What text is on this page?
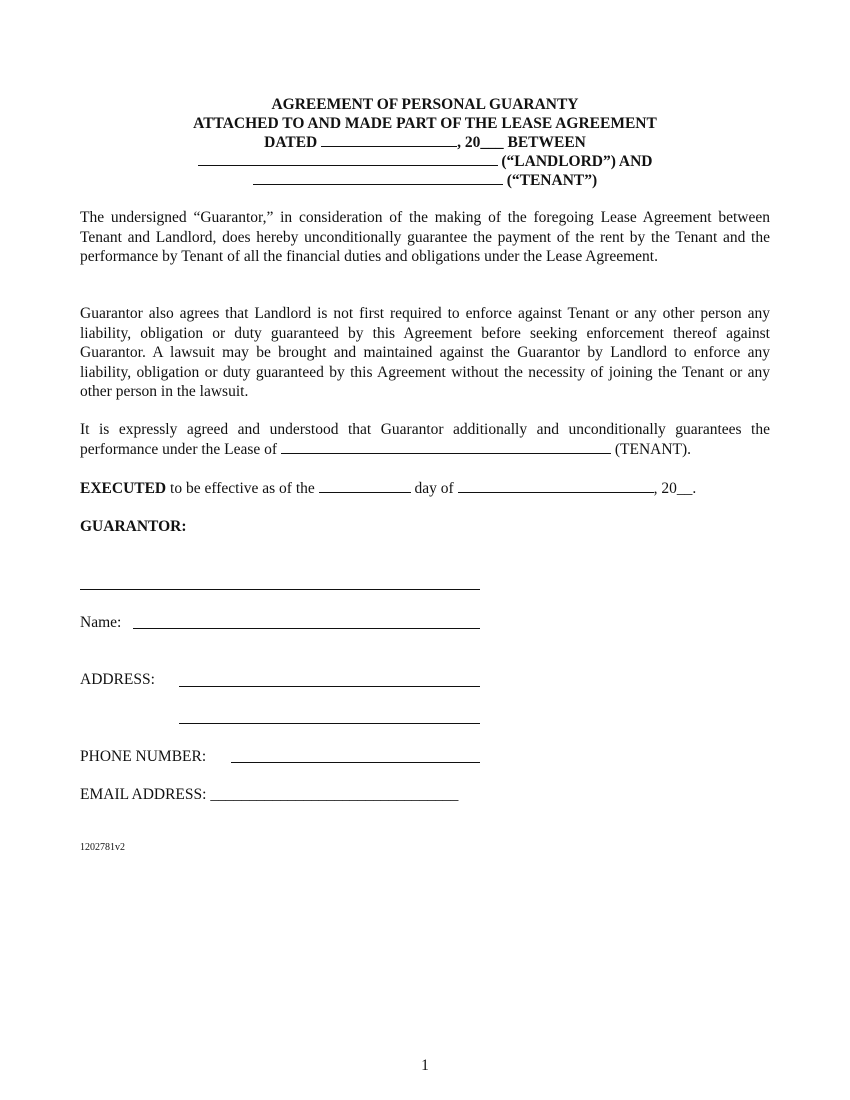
AGREEMENT OF PERSONAL GUARANTY
ATTACHED TO AND MADE PART OF THE LEASE AGREEMENT
DATED	, 20___ BETWEEN
(“LANDLORD”) AND
(“TENANT”)

The undersigned “Guarantor,” in consideration of the making of the foregoing Lease Agreement between Tenant and Landlord, does hereby unconditionally guarantee the payment of the rent by the Tenant and the performance by Tenant of all the financial duties and obligations under the Lease Agreement.

Guarantor also agrees that Landlord is not first required to enforce against Tenant or any other person any liability, obligation or duty guaranteed by this Agreement before seeking enforcement thereof against Guarantor. A lawsuit may be brought and maintained against the Guarantor by Landlord to enforce any liability, obligation or duty guaranteed by this Agreement without the necessity of joining the Tenant or any other person in the lawsuit.

It is expressly agreed and understood that Guarantor additionally and unconditionally guarantees the

performance under the Lease of	(TENANT).
EXECUTED to be effective as of the	day of	, 20__.
GUARANTOR:
Name:
ADDRESS:
PHONE NUMBER:
EMAIL ADDRESS: ________________________________
1202781v2
1
